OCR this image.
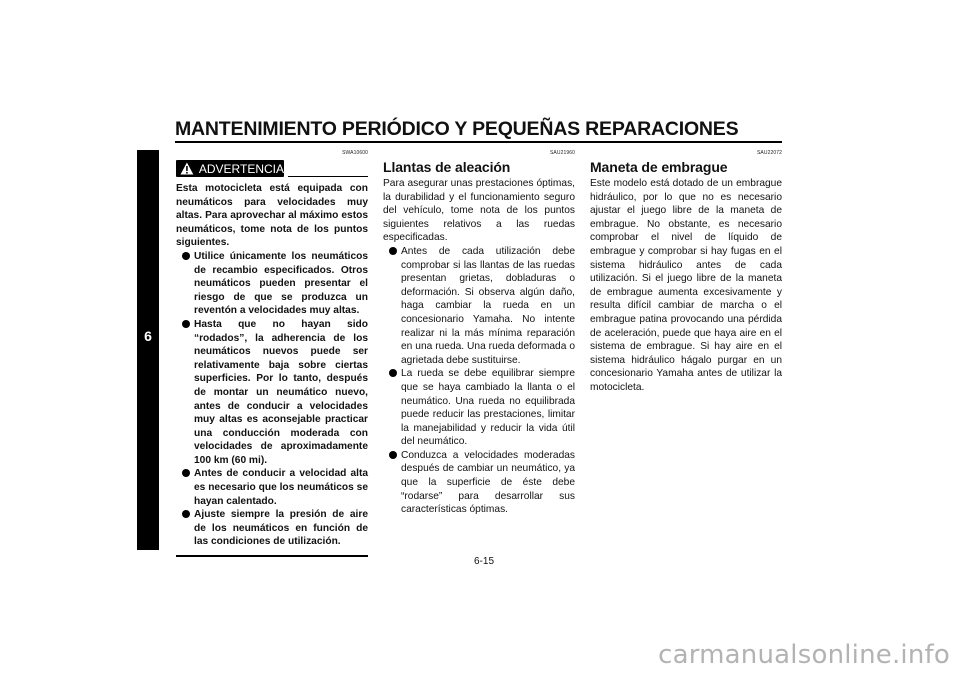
MANTENIMIENTO PERIÓDICO Y PEQUEÑAS REPARACIONES
6
SWA10600
ADVERTENCIA
Esta motocicleta está equipada con neumáticos para velocidades muy altas. Para aprovechar al máximo estos neumáticos, tome nota de los puntos siguientes.
Utilice únicamente los neumáticos de recambio especificados. Otros neumáticos pueden presentar el riesgo de que se produzca un reventón a velocidades muy altas.
Hasta que no hayan sido “rodados”, la adherencia de los neumáticos nuevos puede ser relativamente baja sobre ciertas superficies. Por lo tanto, después de montar un neumático nuevo, antes de conducir a velocidades muy altas es aconsejable practicar una conducción moderada con velocidades de aproximadamente 100 km (60 mi).
Antes de conducir a velocidad alta es necesario que los neumáticos se hayan calentado.
Ajuste siempre la presión de aire de los neumáticos en función de las condiciones de utilización.
SAU21960
Llantas de aleación
Para asegurar unas prestaciones óptimas, la durabilidad y el funcionamiento seguro del vehículo, tome nota de los puntos siguientes relativos a las ruedas especificadas.
Antes de cada utilización debe comprobar si las llantas de las ruedas presentan grietas, dobladuras o deformación. Si observa algún daño, haga cambiar la rueda en un concesionario Yamaha. No intente realizar ni la más mínima reparación en una rueda. Una rueda deformada o agrietada debe sustituirse.
La rueda se debe equilibrar siempre que se haya cambiado la llanta o el neumático. Una rueda no equilibrada puede reducir las prestaciones, limitar la manejabilidad y reducir la vida útil del neumático.
Conduzca a velocidades moderadas después de cambiar un neumático, ya que la superficie de éste debe “rodarse” para desarrollar sus características óptimas.
SAU22072
Maneta de embrague
Este modelo está dotado de un embrague hidráulico, por lo que no es necesario ajustar el juego libre de la maneta de embrague. No obstante, es necesario comprobar el nivel de líquido de embrague y comprobar si hay fugas en el sistema hidráulico antes de cada utilización. Si el juego libre de la maneta de embrague aumenta excesivamente y resulta difícil cambiar de marcha o el embrague patina provocando una pérdida de aceleración, puede que haya aire en el sistema de embrague. Si hay aire en el sistema hidráulico hágalo purgar en un concesionario Yamaha antes de utilizar la motocicleta.
6-15
carmanualsonline.info
